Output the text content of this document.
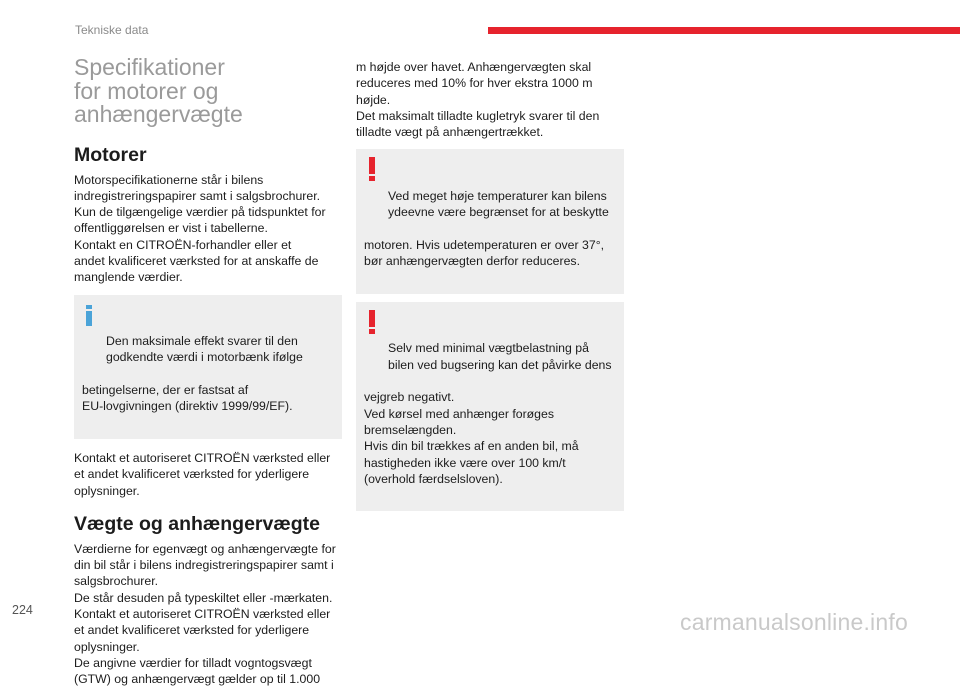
Tekniske data
Specifikationer
for motorer og
anhængervægte
Motorer

Motorspecifikationerne står i bilens
indregistreringspapirer samt i salgsbrochurer.
Kun de tilgængelige værdier på tidspunktet for
offentliggørelsen er vist i tabellerne.
Kontakt en CITROËN-forhandler eller et
andet kvalificeret værksted for at anskaffe de
manglende værdier.

Den maksimale effekt svarer til den
godkendte værdi i motorbænk ifølge

betingelserne, der er fastsat af
EU-lovgivningen (direktiv 1999/99/EF).

Kontakt et autoriseret CITROËN værksted eller
et andet kvalificeret værksted for yderligere
oplysninger.

Vægte og anhængervægte

Værdierne for egenvægt og anhængervægte for
din bil står i bilens indregistreringspapirer samt i
salgsbrochurer.
De står desuden på typeskiltet eller -mærkaten.
Kontakt et autoriseret CITROËN værksted eller
et andet kvalificeret værksted for yderligere
oplysninger.
De angivne værdier for tilladt vogntogsvægt
(GTW) og anhængervægt gælder op til 1.000

m højde over havet. Anhængervægten skal
reduceres med 10% for hver ekstra 1000 m
højde.
Det maksimalt tilladte kugletryk svarer til den
tilladte vægt på anhængertrækket.

Ved meget høje temperaturer kan bilens
ydeevne være begrænset for at beskytte

motoren. Hvis udetemperaturen er over 37°,
bør anhængervægten derfor reduceres.

Selv med minimal vægtbelastning på
bilen ved bugsering kan det påvirke dens

vejgreb negativt.
Ved kørsel med anhænger forøges
bremselængden.
Hvis din bil trækkes af en anden bil, må
hastigheden ikke være over 100 km/t
(overhold færdselsloven).

224	carmanualsonline.info
